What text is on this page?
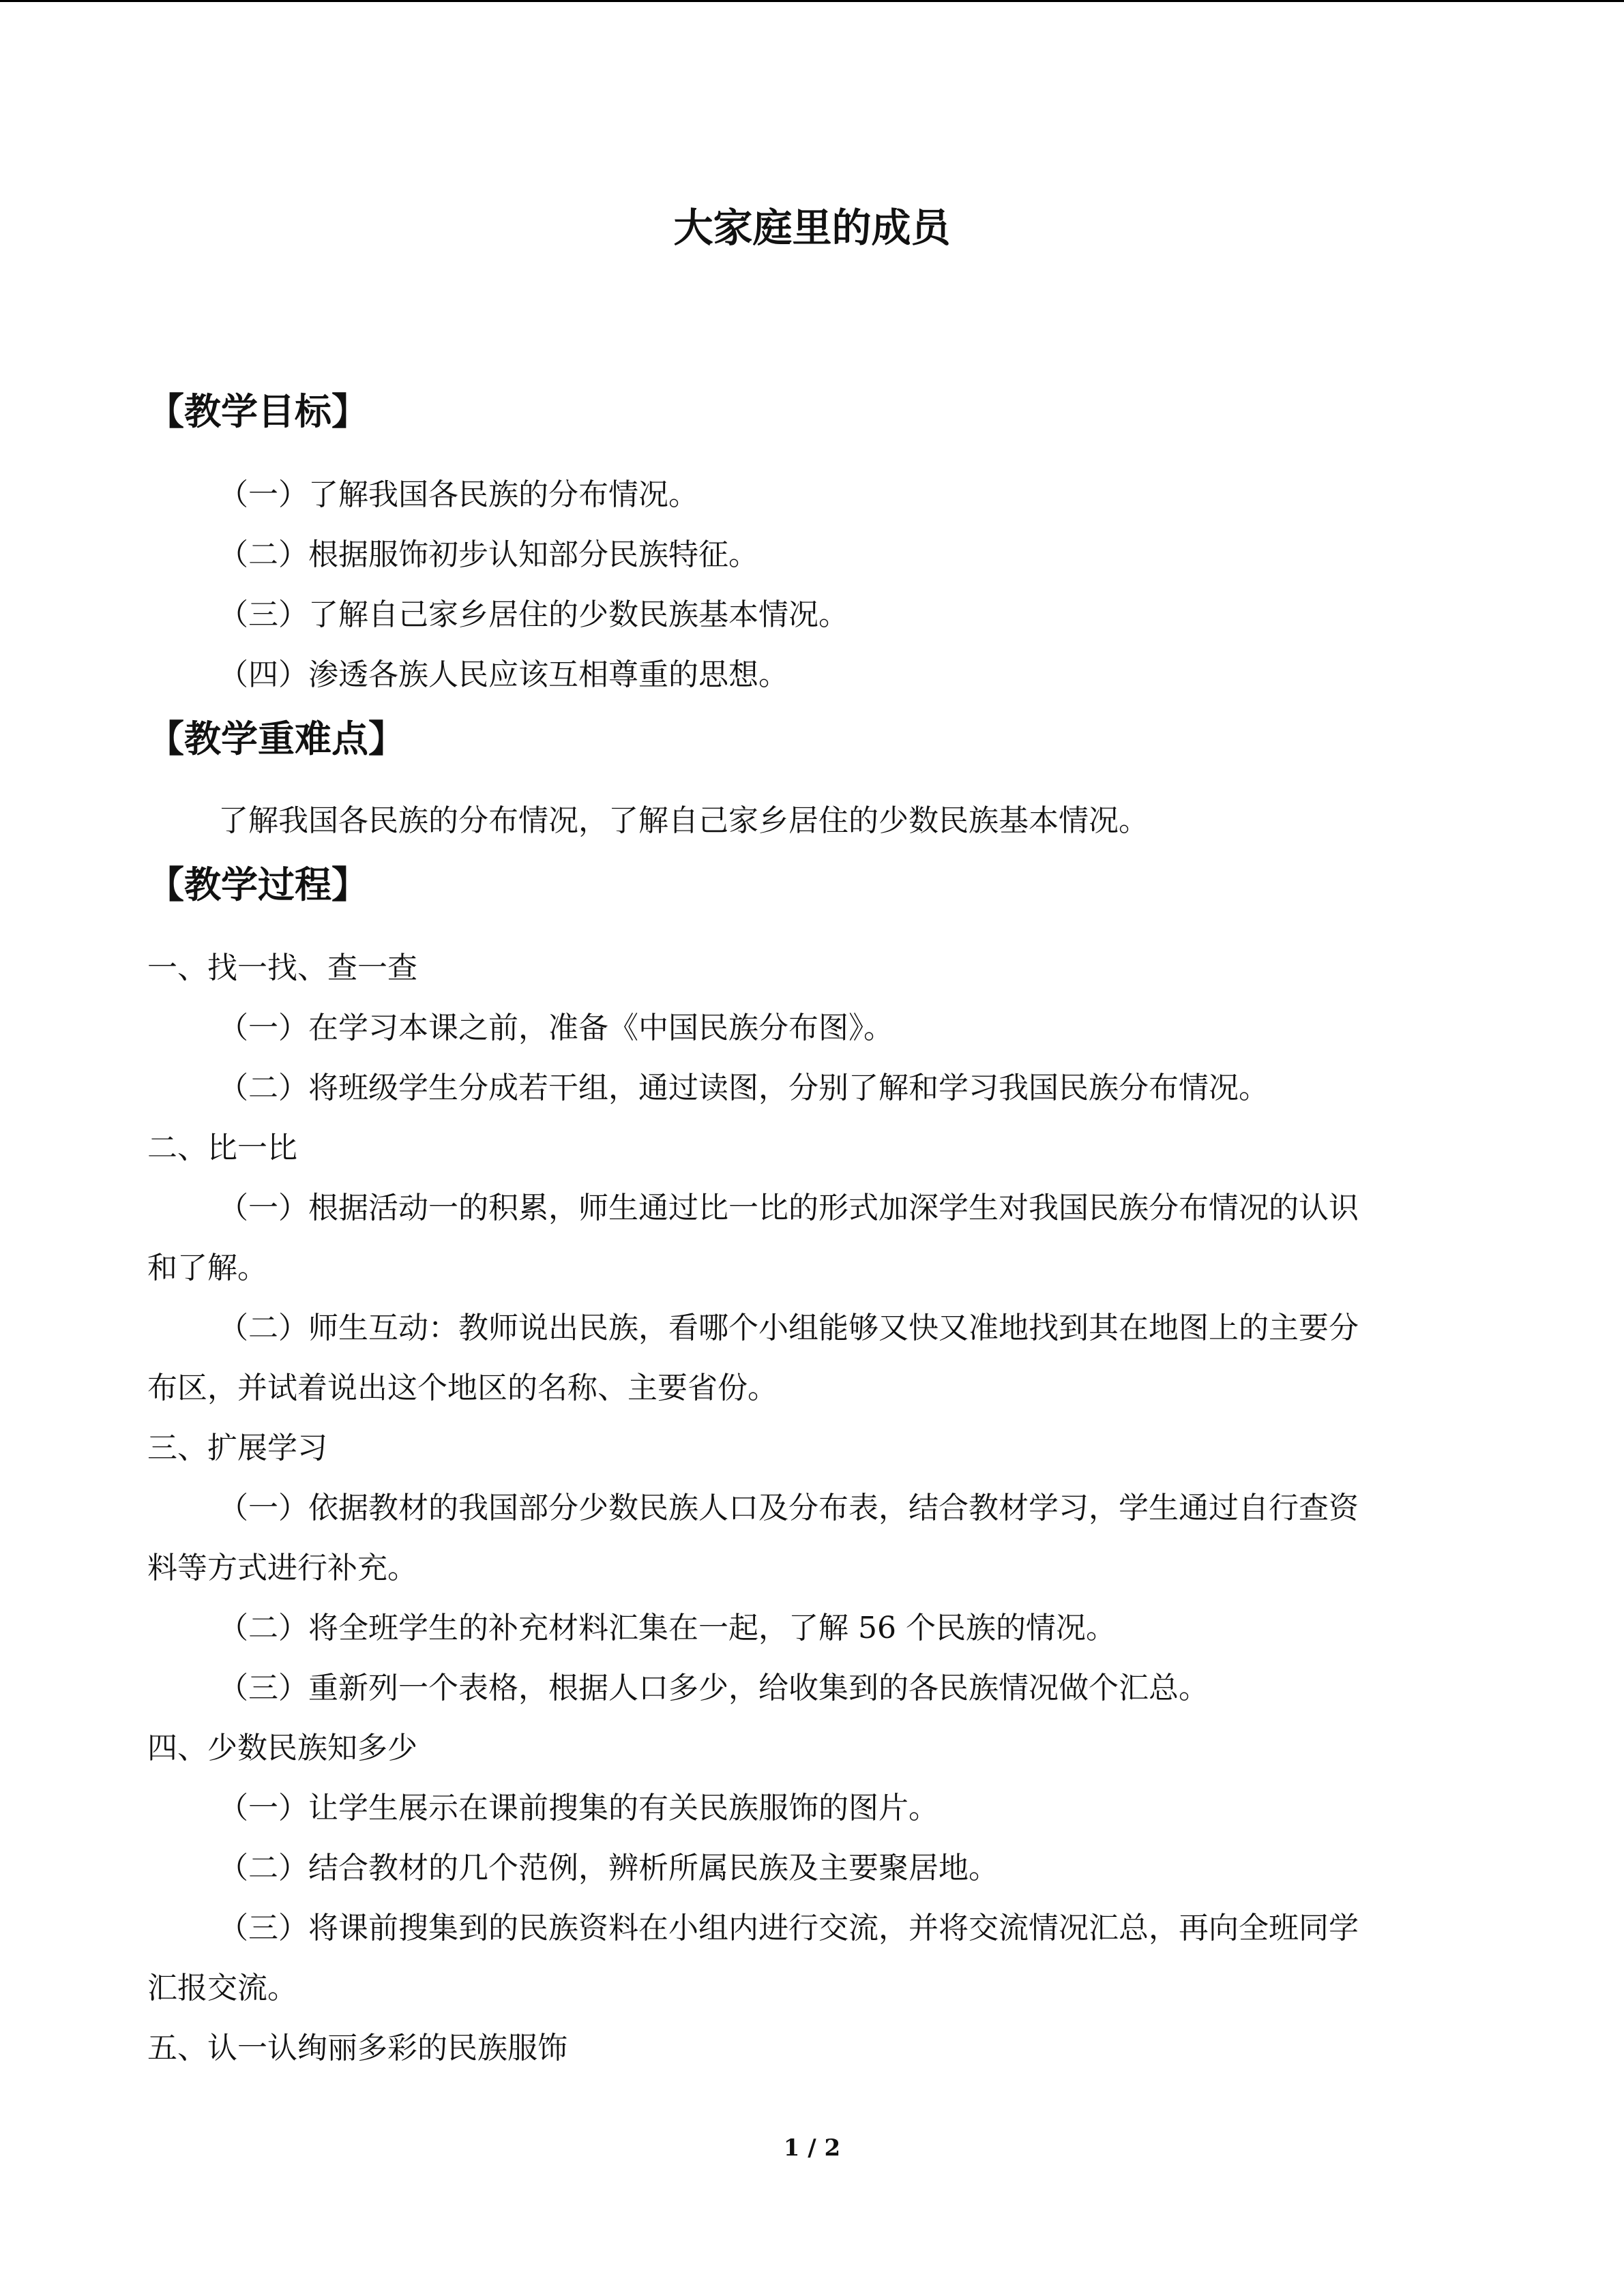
大家庭里的成员
【教学目标】
（一）了解我国各民族的分布情况。
（二）根据服饰初步认知部分民族特征。
（三）了解自己家乡居住的少数民族基本情况。
（四）渗透各族人民应该互相尊重的思想。
【教学重难点】
了解我国各民族的分布情况，了解自己家乡居住的少数民族基本情况。
【教学过程】
一、找一找、查一查
（一）在学习本课之前，准备《中国民族分布图》。
（二）将班级学生分成若干组，通过读图，分别了解和学习我国民族分布情况。
二、比一比
（一）根据活动一的积累，师生通过比一比的形式加深学生对我国民族分布情况的认识
和了解。
（二）师生互动：教师说出民族，看哪个小组能够又快又准地找到其在地图上的主要分
布区，并试着说出这个地区的名称、主要省份。
三、扩展学习
（一）依据教材的我国部分少数民族人口及分布表，结合教材学习，学生通过自行查资
料等方式进行补充。
（二）将全班学生的补充材料汇集在一起，了解 56 个民族的情况。
（三）重新列一个表格，根据人口多少，给收集到的各民族情况做个汇总。
四、少数民族知多少
（一）让学生展示在课前搜集的有关民族服饰的图片。
（二）结合教材的几个范例，辨析所属民族及主要聚居地。
（三）将课前搜集到的民族资料在小组内进行交流，并将交流情况汇总，再向全班同学
汇报交流。
五、认一认绚丽多彩的民族服饰
1 / 2
